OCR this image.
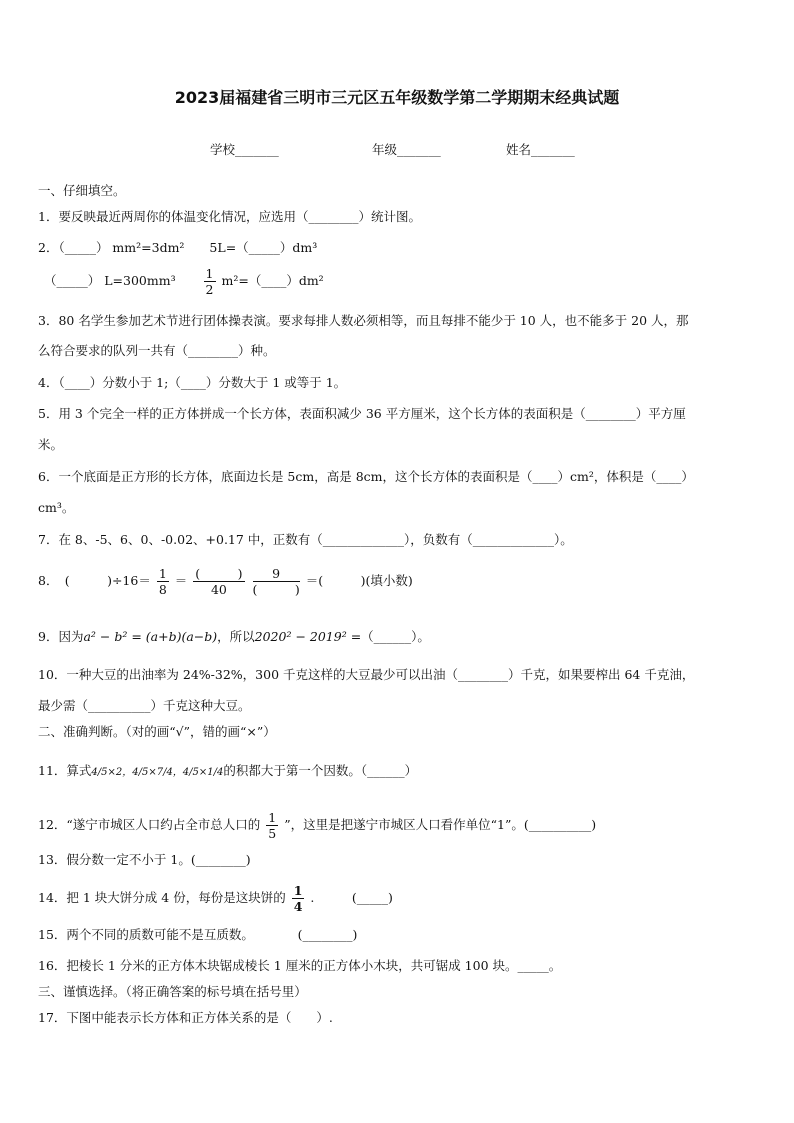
2023届福建省三明市三元区五年级数学第二学期期末经典试题
学校_______	年级_______	姓名_______
一、仔细填空。
1．要反映最近两周你的体温变化情况，应选用（________）统计图。
2．（_____） mm²=3dm²　　5L=（_____）dm³
（_____） $L=300mm^3 \frac{1}{2}$ m²=（____）dm²
3．80 名学生参加艺术节进行团体操表演。要求每排人数必须相等，而且每排不能少于 10 人，也不能多于 20 人，那
么符合要求的队列一共有（________）种。
4．（____）分数小于 1;（____）分数大于 1 或等于 1。
5．用 3 个完全一样的正方体拼成一个长方体，表面积减少 36 平方厘米，这个长方体的表面积是（________）平方厘
米。
6．一个底面是正方形的长方体，底面边长是 5cm，高是 8cm，这个长方体的表面积是（____）cm²，体积是（____）
cm³。
7．在 8、-5、6、0、-0.02、+0.17 中，正数有（_____________），负数有（_____________）。
8．　(　　　)$\div 16= \frac{1}{8} = \frac{( )}{40}$
$\frac{9}{( )}$ ＝(　　　)(填小数)
9．因为a² − b² = (a+b)(a−b)，所以2020² − 2019² =（______）。
10．一种大豆的出油率为 24%-32%，300 千克这样的大豆最少可以出油（________）千克，如果要榨出 64 千克油，
最少需（__________）千克这种大豆。
二、准确判断。（对的画“√”，错的画“×”）
11．算式4/5×2，4/5×7/4，4/5×1/4的积都大于第一个因数。（______）
12．“遂宁市城区人口约占全市总人口的 $\frac{1}{5}$ ”，这里是把遂宁市城区人口看作单位“1”。(__________)
13．假分数一定不小于 1。(________)
14．把 1 块大饼分成 4 份，每份是这块饼的 $\frac{1}{4}$ .　　　(_____)
15．两个不同的质数可能不是互质数。　　　　(________)
16．把棱长 1 分米的正方体木块锯成棱长 1 厘米的正方体小木块，共可锯成 100 块。_____。
三、谨慎选择。（将正确答案的标号填在括号里）
17．下图中能表示长方体和正方体关系的是（　　）.
